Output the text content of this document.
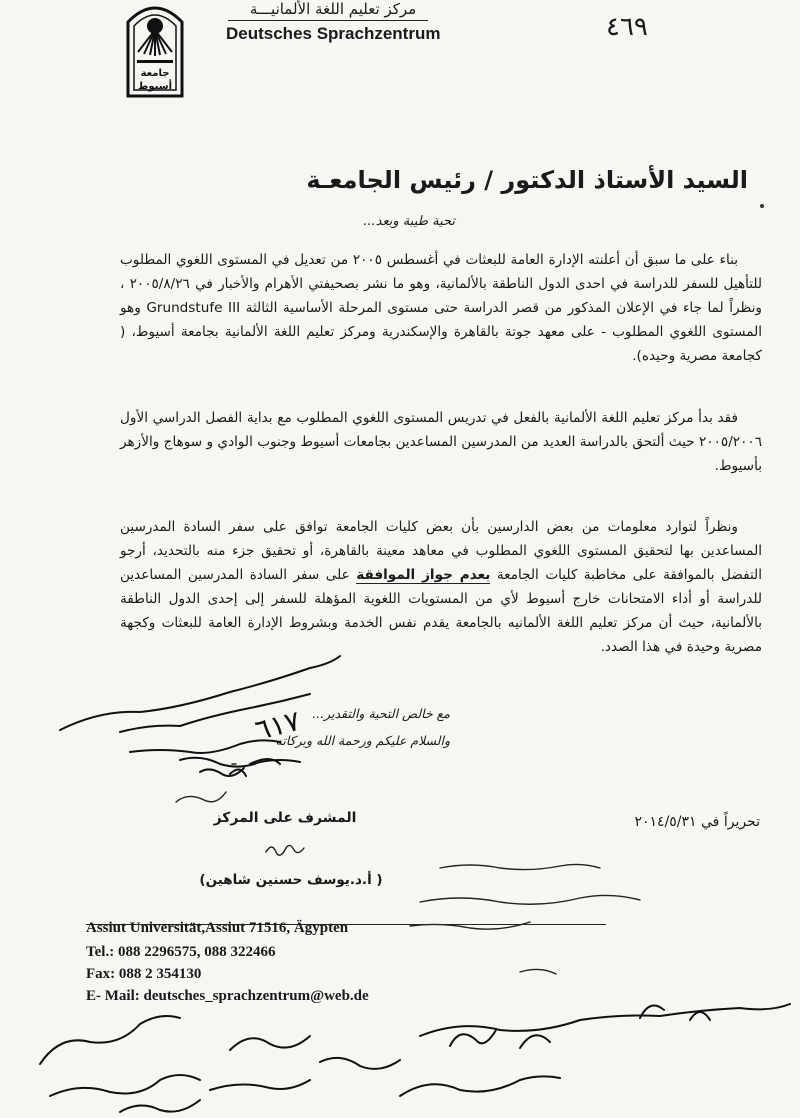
جامعة
أسيوط
مركز تعليم اللغة الألمانيـــة
Deutsches Sprachzentrum	٤٦٩
السيد الأستاذ الدكتور / رئيس الجامعـة
تحية طيبة وبعد...
بناء على ما سبق أن أعلنته الإدارة العامة للبعثات في أغسطس ٢٠٠٥ من تعديل في المستوى اللغوي المطلوب للتأهيل للسفر للدراسة في احدى الدول الناطقة بالألمانية، وهو ما نشر بصحيفتي الأهرام والأخبار في ٢٠٠٥/٨/٢٦ ، ونظراً لما جاء في الإعلان المذكور من قصر الدراسة حتى مستوى المرحلة الأساسية الثالثة Grundstufe III وهو المستوى اللغوي المطلوب - على معهد جوتة بالقاهرة والإسكندرية ومركز تعليم اللغة الألمانية بجامعة أسيوط، ( كجامعة مصرية وحيده).
فقد بدأ مركز تعليم اللغة الألمانية بالفعل في تدريس المستوى اللغوي المطلوب مع بداية الفصل الدراسي الأول ٢٠٠٥/٢٠٠٦ حيث ألتحق بالدراسة العديد من المدرسين المساعدين بجامعات أسيوط وجنوب الوادي و سوهاج والأزهر بأسيوط.
ونظراً لتوارد معلومات من بعض الدارسين بأن بعض كليات الجامعة توافق على سفر السادة المدرسين المساعدين بها لتحقيق المستوى اللغوي المطلوب في معاهد معينة بالقاهرة، أو تحقيق جزء منه بالتحديد، أرجو التفضل بالموافقة على مخاطبة كليات الجامعة بعدم جواز الموافقة على سفر السادة المدرسين المساعدين للدراسة أو أداء الامتحانات خارج أسيوط لأي من المستويات اللغوية المؤهلة للسفر إلى إحدى الدول الناطقة بالألمانية، حيث أن مركز تعليم اللغة الألمانيه بالجامعة يقدم نفس الخدمة وبشروط الإدارة العامة للبعثات وكجهة مصرية وحيدة في هذا الصدد.
مع خالص التحية والتقدير...
والسلام عليكم ورحمة الله وبركاته
المشرف على المركز
( أ.د.يوسف حسنين شاهين)
تحريراً في ٢٠١٤/٥/٣١
Assiut Universität,Assiut 71516, Ägypten
Tel.: 088 2296575, 088 322466
Fax: 088 2 354130
E- Mail: deutsches_sprachzentrum@web.de
٦١٧
